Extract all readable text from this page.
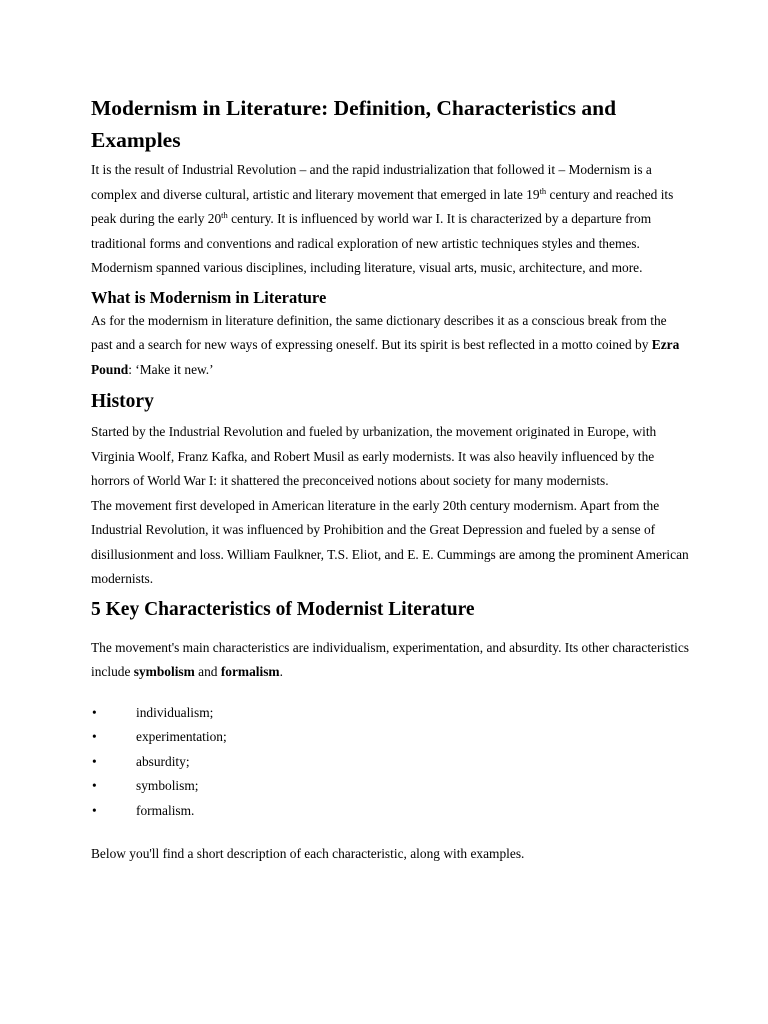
Modernism in Literature: Definition, Characteristics and Examples

It is the result of Industrial Revolution – and the rapid industrialization that followed it – Modernism is a complex and diverse cultural, artistic and literary movement that emerged in late 19th century and reached its peak during the early 20th century. It is influenced by world war I. It is characterized by a departure from traditional forms and conventions and radical exploration of new artistic techniques styles and themes. Modernism spanned various disciplines, including literature, visual arts, music, architecture, and more.

What is Modernism in Literature

As for the modernism in literature definition, the same dictionary describes it as a conscious break from the past and a search for new ways of expressing oneself. But its spirit is best reflected in a motto coined by Ezra Pound: ‘Make it new.’

History

Started by the Industrial Revolution and fueled by urbanization, the movement originated in Europe, with Virginia Woolf, Franz Kafka, and Robert Musil as early modernists. It was also heavily influenced by the horrors of World War I: it shattered the preconceived notions about society for many modernists.

The movement first developed in American literature in the early 20th century modernism. Apart from the Industrial Revolution, it was influenced by Prohibition and the Great Depression and fueled by a sense of disillusionment and loss. William Faulkner, T.S. Eliot, and E. E. Cummings are among the prominent American modernists.

5 Key Characteristics of Modernist Literature

The movement's main characteristics are individualism, experimentation, and absurdity. Its other characteristics include symbolism and formalism.

•	individualism;
•	experimentation;
•	absurdity;
•	symbolism;
•	formalism.

Below you'll find a short description of each characteristic, along with examples.
